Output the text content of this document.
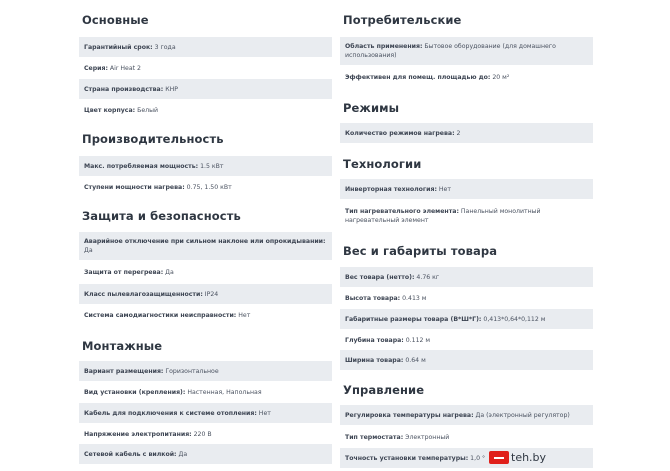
Основные
Гарантийный срок: 3 года
Серия: Air Heat 2
Страна производства: КНР
Цвет корпуса: Белый
Производительность
Макс. потребляемая мощность: 1.5 кВт
Ступени мощности нагрева: 0.75, 1.50 кВт
Защита и безопасность
Аварийное отключение при сильном наклоне или опрокидывании: Да
Защита от перегрева: Да
Класс пылевлагозащищенности: IP24
Система самодиагностики неисправности: Нет
Монтажные
Вариант размещения: Горизонтальное
Вид установки (крепления): Настенная, Напольная
Кабель для подключения к системе отопления: Нет
Напряжение электропитания: 220 В
Сетевой кабель с вилкой: Да
Потребительские
Область применения: Бытовое оборудование (для домашнего использования)
Эффективен для помещ. площадью до: 20 м²
Режимы
Количество режимов нагрева: 2
Технологии
Инверторная технология: Нет
Тип нагревательного элемента: Панельный монолитный нагревательный элемент
Вес и габариты товара
Вес товара (нетто): 4.76 кг
Высота товара: 0.413 м
Габаритные размеры товара (В*Ш*Г): 0,413*0,64*0,112 м
Глубина товара: 0.112 м
Ширина товара: 0.64 м
Управление
Регулировка температуры нагрева: Да (электронный регулятор)
Тип термостата: Электронный
Точность установки температуры: 1,0 ° teh.by
